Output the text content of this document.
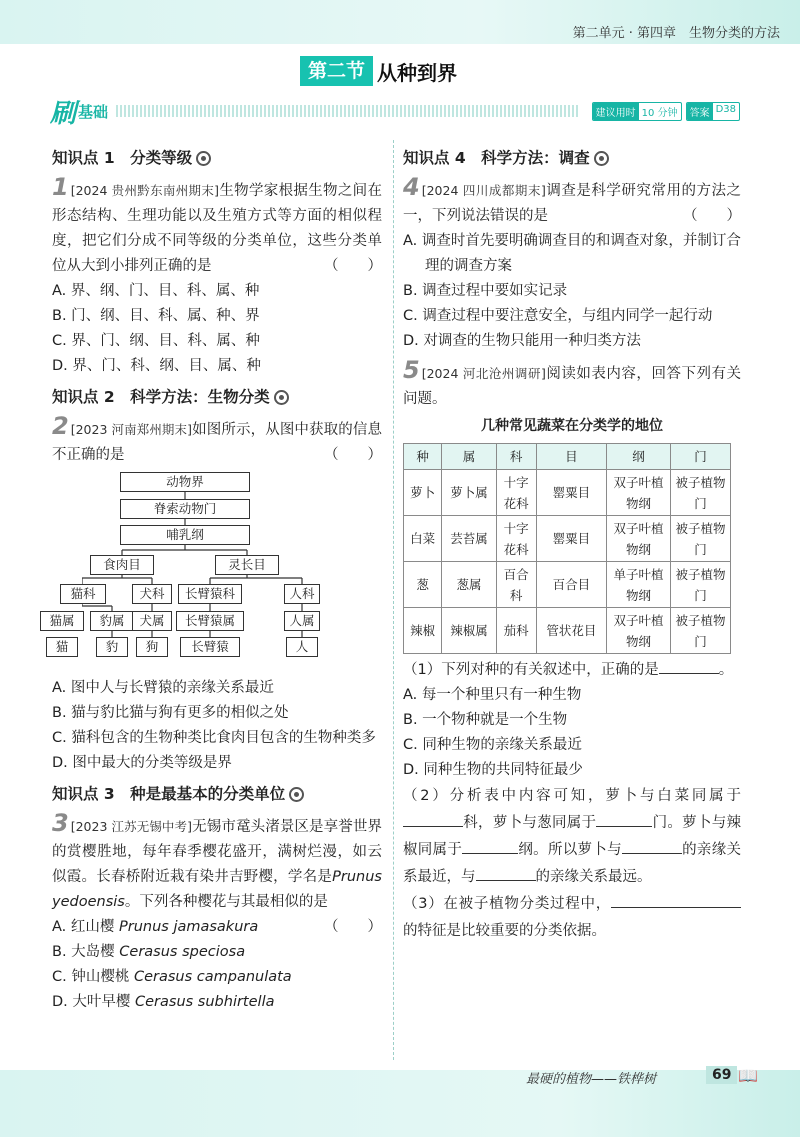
第二单元 · 第四章　生物分类的方法
第二节 从种到界
刷 基础	建议用时 10 分钟	答案 D38
知识点 1　分类等级
1 [2024 贵州黔东南州期末]生物学家根据生物之间在形态结构、生理功能以及生殖方式等方面的相似程度，把它们分成不同等级的分类单位，这些分类单位从大到小排列正确的是	（　　）
A. 界、纲、门、目、科、属、种
B. 门、纲、目、科、属、种、界
C. 界、门、纲、目、科、属、种
D. 界、门、科、纲、目、属、种
知识点 2　科学方法：生物分类
2 [2023 河南郑州期末]如图所示，从图中获取的信息不正确的是	（　　）
动物界
脊索动物门
哺乳纲
食肉目	灵长目
猫科	犬科	长臂猿科	人科
猫属	豹属	犬属	长臂猿属	人属
猫	豹	狗	长臂猿	人
A. 图中人与长臂猿的亲缘关系最近
B. 猫与豹比猫与狗有更多的相似之处
C. 猫科包含的生物种类比食肉目包含的生物种类多
D. 图中最大的分类等级是界
知识点 3　种是最基本的分类单位
3 [2023 江苏无锡中考]无锡市鼋头渚景区是享誉世界的赏樱胜地，每年春季樱花盛开，满树烂漫，如云似霞。长春桥附近栽有染井吉野樱，学名是Prunus yedoensis。下列各种樱花与其最相似的是
（　　）
A. 红山樱 Prunus jamasakura
B. 大岛樱 Cerasus speciosa
C. 钟山樱桃 Cerasus campanulata
D. 大叶早樱 Cerasus subhirtella
知识点 4　科学方法：调查
4 [2024 四川成都期末]调查是科学研究常用的方法之一，下列说法错误的是	（　　）
A. 调查时首先要明确调查目的和调查对象，并制订合理的调查方案
B. 调查过程中要如实记录
C. 调查过程中要注意安全，与组内同学一起行动
D. 对调查的生物只能用一种归类方法
5 [2024 河北沧州调研]阅读如表内容，回答下列有关问题。
几种常见蔬菜在分类学的地位
种	属	科	目	纲	门
萝卜	萝卜属	十字花科	罂粟目	双子叶植物纲	被子植物门
白菜	芸苔属	十字花科	罂粟目	双子叶植物纲	被子植物门
葱	葱属	百合科	百合目	单子叶植物纲	被子植物门
辣椒	辣椒属	茄科	管状花目	双子叶植物纲	被子植物门
（1）下列对种的有关叙述中，正确的是	。
A. 每一个种里只有一种生物
B. 一个物种就是一个生物
C. 同种生物的亲缘关系最近
D. 同种生物的共同特征最少
（2）分析表中内容可知，萝卜与白菜同属于科，萝卜与葱同属于	门。萝卜与辣椒同属于	纲。所以萝卜与	的亲缘关系最近，与	的亲缘关系最远。
（3）在被子植物分类过程中，的特征是比较重要的分类依据。
最硬的植物——铁桦树	69 📖
